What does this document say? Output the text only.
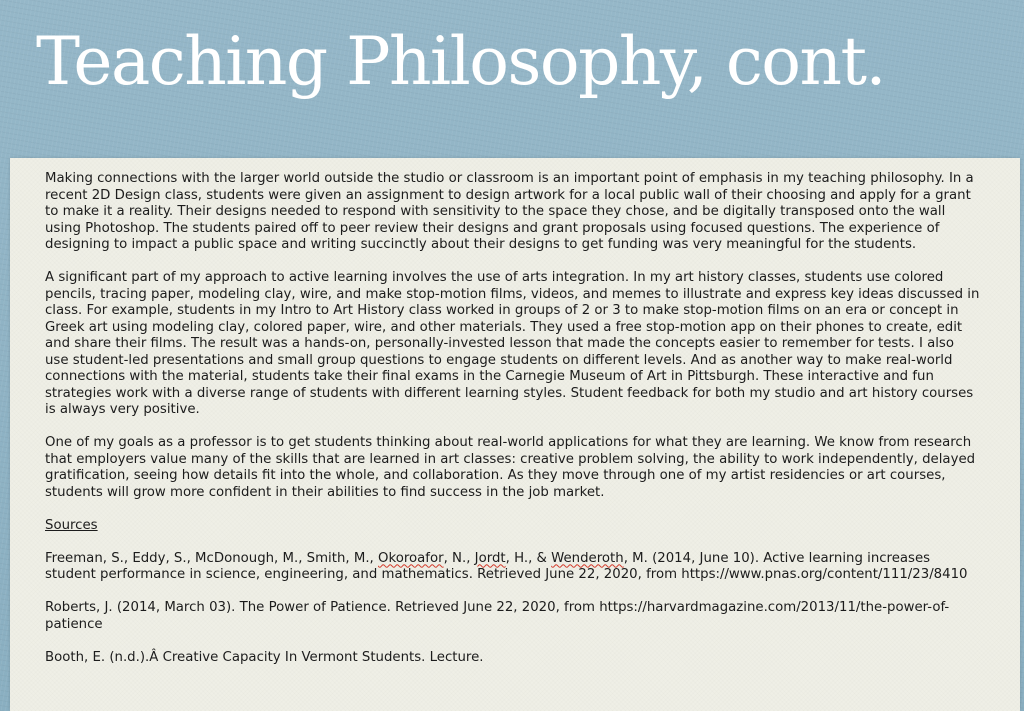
Teaching Philosophy, cont.

Making connections with the larger world outside the studio or classroom is an important point of emphasis in my teaching philosophy. In a recent 2D Design class, students were given an assignment to design artwork for a local public wall of their choosing and apply for a grant to make it a reality. Their designs needed to respond with sensitivity to the space they chose, and be digitally transposed onto the wall using Photoshop. The students paired off to peer review their designs and grant proposals using focused questions. The experience of designing to impact a public space and writing succinctly about their designs to get funding was very meaningful for the students.

A significant part of my approach to active learning involves the use of arts integration. In my art history classes, students use colored pencils, tracing paper, modeling clay, wire, and make stop-motion films, videos, and memes to illustrate and express key ideas discussed in class. For example, students in my Intro to Art History class worked in groups of 2 or 3 to make stop-motion films on an era or concept in Greek art using modeling clay, colored paper, wire, and other materials. They used a free stop-motion app on their phones to create, edit and share their films. The result was a hands-on, personally-invested lesson that made the concepts easier to remember for tests. I also use student-led presentations and small group questions to engage students on different levels. And as another way to make real-world connections with the material, students take their final exams in the Carnegie Museum of Art in Pittsburgh. These interactive and fun strategies work with a diverse range of students with different learning styles. Student feedback for both my studio and art history courses is always very positive.

One of my goals as a professor is to get students thinking about real-world applications for what they are learning. We know from research that employers value many of the skills that are learned in art classes: creative problem solving, the ability to work independently, delayed gratification, seeing how details fit into the whole, and collaboration. As they move through one of my artist residencies or art courses, students will grow more confident in their abilities to find success in the job market.

Sources

Freeman, S., Eddy, S., McDonough, M., Smith, M., Okoroafor, N., Jordt, H., & Wenderoth, M. (2014, June 10). Active learning increases student performance in science, engineering, and mathematics. Retrieved June 22, 2020, from https://www.pnas.org/content/111/23/8410

Roberts, J. (2014, March 03). The Power of Patience. Retrieved June 22, 2020, from https://harvardmagazine.com/2013/11/the-power-of-patience

Booth, E. (n.d.).Â Creative Capacity In Vermont Students. Lecture.
